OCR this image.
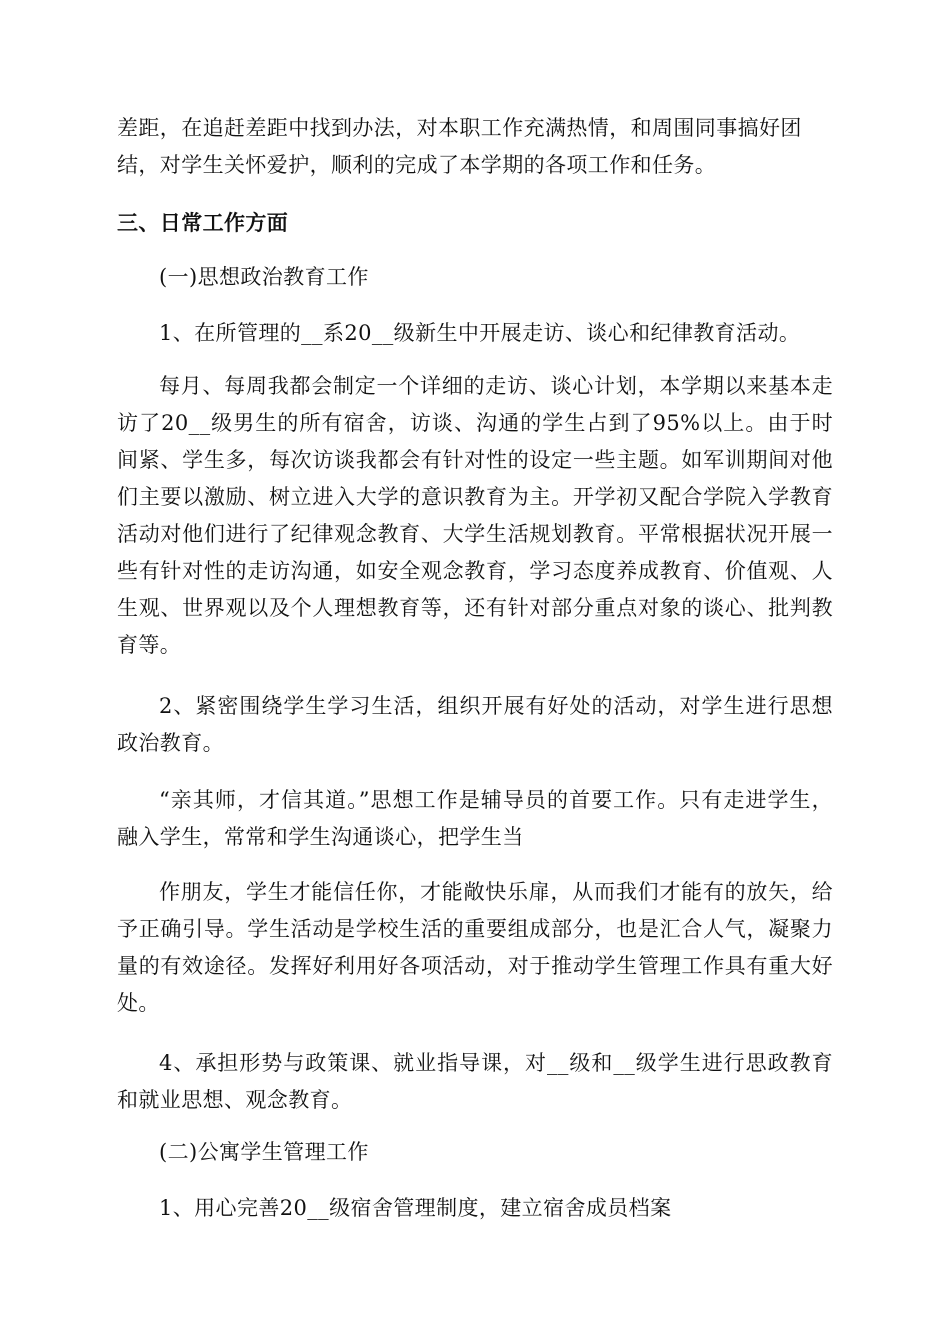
差距，在追赶差距中找到办法，对本职工作充满热情，和周围同事搞好团

结，对学生关怀爱护，顺利的完成了本学期的各项工作和任务。

三、日常工作方面

(一)思想政治教育工作

1、在所管理的__系20__级新生中开展走访、谈心和纪律教育活动。

每月、每周我都会制定一个详细的走访、谈心计划，本学期以来基本走访了20__级男生的所有宿舍，访谈、沟通的学生占到了95%以上。由于时间紧、学生多，每次访谈我都会有针对性的设定一些主题。如军训期间对他们主要以激励、树立进入大学的意识教育为主。开学初又配合学院入学教育活动对他们进行了纪律观念教育、大学生活规划教育。平常根据状况开展一些有针对性的走访沟通，如安全观念教育，学习态度养成教育、价值观、人生观、世界观以及个人理想教育等，还有针对部分重点对象的谈心、批判教育等。

2、紧密围绕学生学习生活，组织开展有好处的活动，对学生进行思想政治教育。

“亲其师，才信其道。”思想工作是辅导员的首要工作。只有走进学生，融入学生，常常和学生沟通谈心，把学生当

作朋友，学生才能信任你，才能敞快乐扉，从而我们才能有的放矢，给予正确引导。学生活动是学校生活的重要组成部分，也是汇合人气，凝聚力量的有效途径。发挥好利用好各项活动，对于推动学生管理工作具有重大好处。

4、承担形势与政策课、就业指导课，对__级和__级学生进行思政教育和就业思想、观念教育。

(二)公寓学生管理工作

1、用心完善20__级宿舍管理制度，建立宿舍成员档案
